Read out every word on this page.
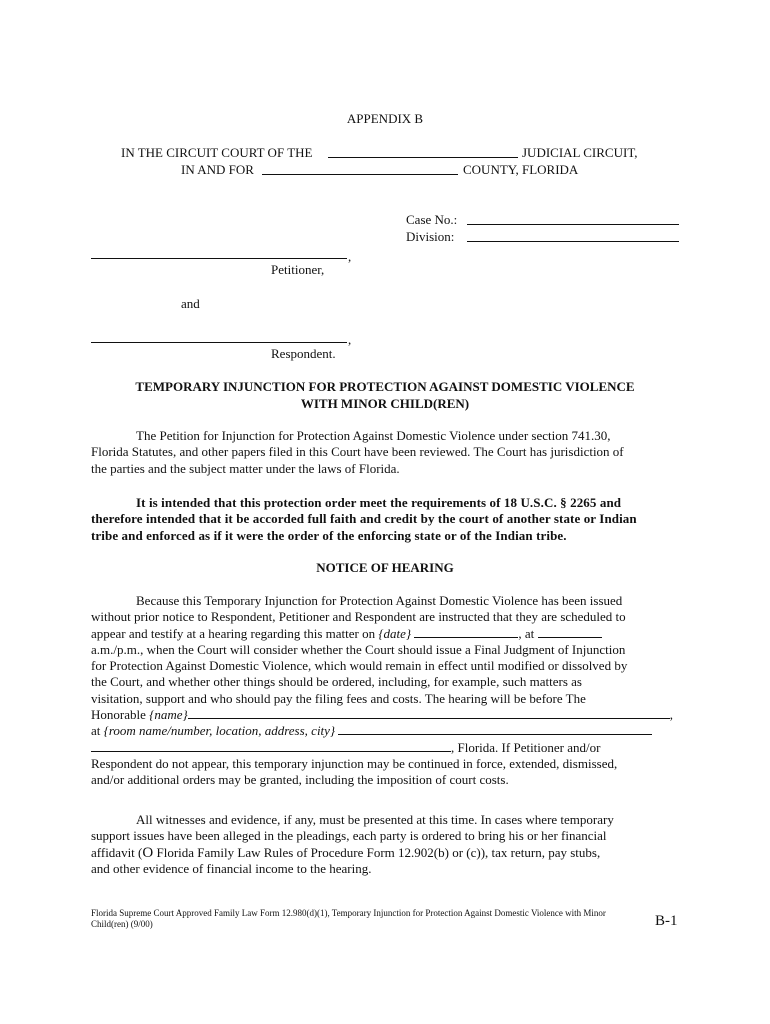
APPENDIX B
IN THE CIRCUIT COURT OF THE	JUDICIAL CIRCUIT,
IN AND FOR	COUNTY, FLORIDA
Case No.:
Division:
,
Petitioner,
and
,
Respondent.
TEMPORARY INJUNCTION FOR PROTECTION AGAINST DOMESTIC VIOLENCE
WITH MINOR CHILD(REN)

The Petition for Injunction for Protection Against Domestic Violence under section 741.30,

Florida Statutes, and other papers filed in this Court have been reviewed. The Court has jurisdiction of

the parties and the subject matter under the laws of Florida.

It is intended that this protection order meet the requirements of 18 U.S.C. § 2265 and

therefore intended that it be accorded full faith and credit by the court of another state or Indian

tribe and enforced as if it were the order of the enforcing state or of the Indian tribe.

NOTICE OF HEARING

Because this Temporary Injunction for Protection Against Domestic Violence has been issued

without prior notice to Respondent, Petitioner and Respondent are instructed that they are scheduled to

appear and testify at a hearing regarding this matter on {date}	, at

a.m./p.m., when the Court will consider whether the Court should issue a Final Judgment of Injunction

for Protection Against Domestic Violence, which would remain in effect until modified or dissolved by

the Court, and whether other things should be ordered, including, for example, such matters as

visitation, support and who should pay the filing fees and costs. The hearing will be before The

Honorable {name}	,

at {room name/number, location, address, city}

, Florida. If Petitioner and/or

Respondent do not appear, this temporary injunction may be continued in force, extended, dismissed,

and/or additional orders may be granted, including the imposition of court costs.

All witnesses and evidence, if any, must be presented at this time. In cases where temporary

support issues have been alleged in the pleadings, each party is ordered to bring his or her financial

affidavit (O Florida Family Law Rules of Procedure Form 12.902(b) or (c)), tax return, pay stubs,

and other evidence of financial income to the hearing.

Florida Supreme Court Approved Family Law Form 12.980(d)(1), Temporary Injunction for Protection Against Domestic Violence with Minor
Child(ren) (9/00)	B-1
